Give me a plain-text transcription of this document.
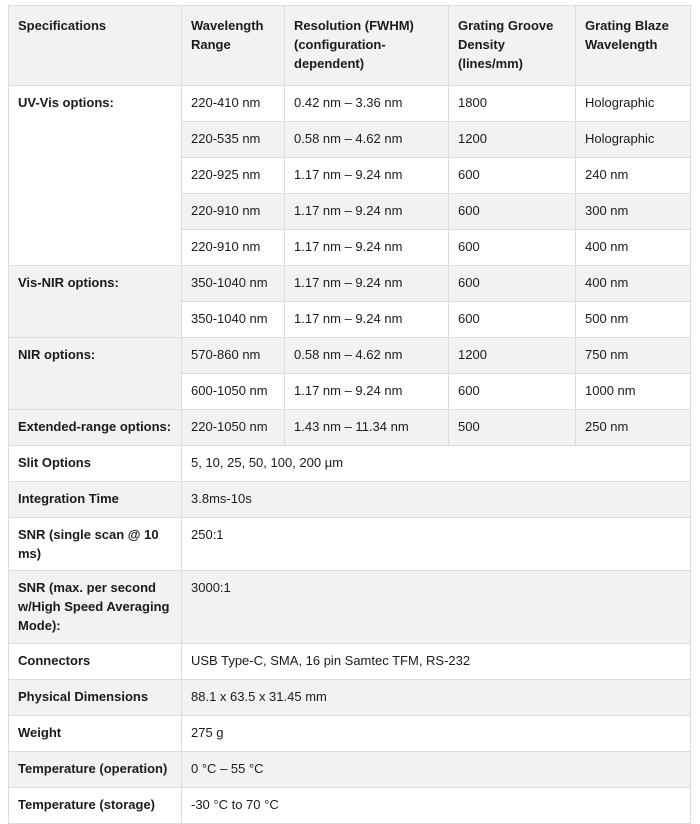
Specifications	Wavelength Range	Resolution (FWHM) (configuration-dependent)	Grating Groove Density (lines/mm)	Grating Blaze Wavelength
UV-Vis options:	220-410 nm	0.42 nm – 3.36 nm	1800	Holographic
	220-535 nm	0.58 nm – 4.62 nm	1200	Holographic
	220-925 nm	1.17 nm – 9.24 nm	600	240 nm
	220-910 nm	1.17 nm – 9.24 nm	600	300 nm
	220-910 nm	1.17 nm – 9.24 nm	600	400 nm
Vis-NIR options:	350-1040 nm	1.17 nm – 9.24 nm	600	400 nm
	350-1040 nm	1.17 nm – 9.24 nm	600	500 nm
NIR options:	570-860 nm	0.58 nm – 4.62 nm	1200	750 nm
	600-1050 nm	1.17 nm – 9.24 nm	600	1000 nm
Extended-range options:	220-1050 nm	1.43 nm – 11.34 nm	500	250 nm
Slit Options	5, 10, 25, 50, 100, 200 µm			
Integration Time	3.8ms-10s			
SNR (single scan @ 10 ms)	250:1			
SNR (max. per second w/High Speed Averaging Mode):	3000:1			
Connectors	USB Type-C, SMA, 16 pin Samtec TFM, RS-232			
Physical Dimensions	88.1 x 63.5 x 31.45 mm			
Weight	275 g			
Temperature (operation)	0 °C – 55 °C			
Temperature (storage)	-30 °C to 70 °C			
